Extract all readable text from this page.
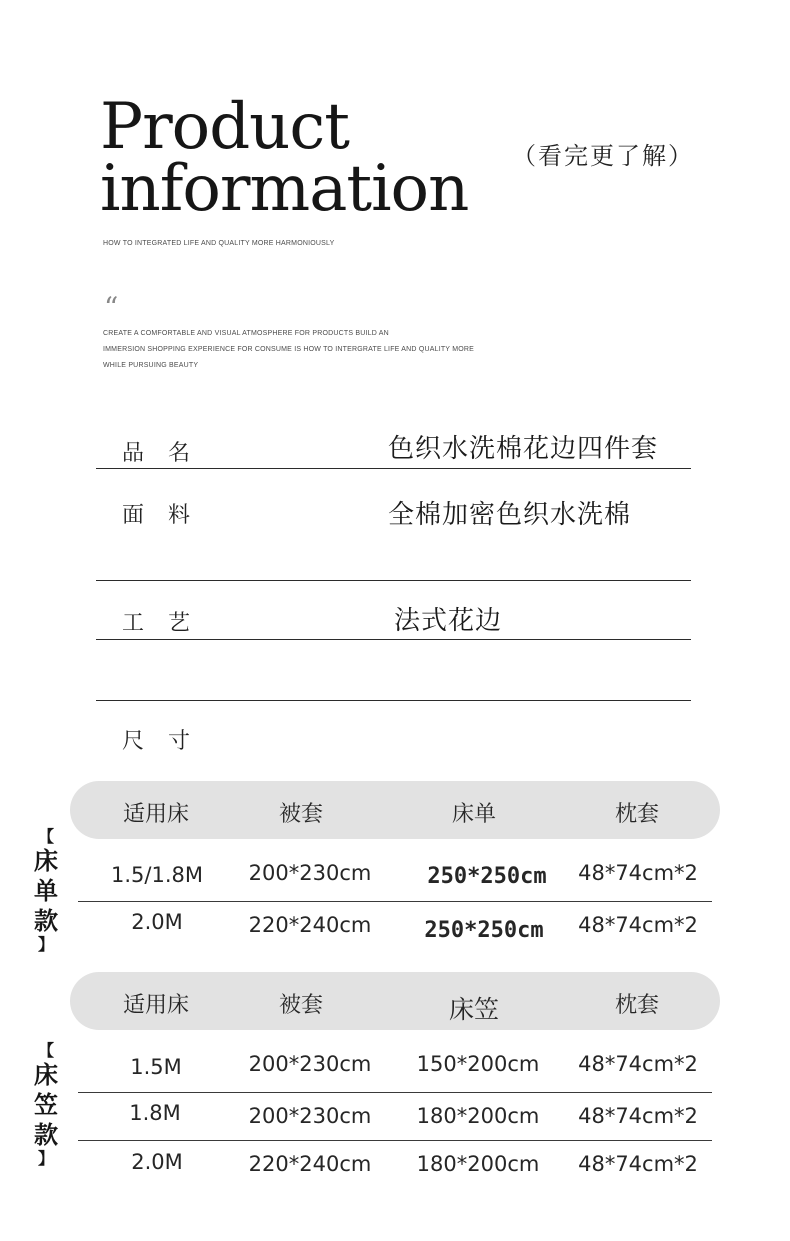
Product
information （看完更了解）
HOW TO INTEGRATED LIFE AND QUALITY MORE HARMONIOUSLY
“
CREATE A COMFORTABLE AND VISUAL ATMOSPHERE FOR PRODUCTS BUILD AN
IMMERSION SHOPPING EXPERIENCE FOR CONSUME IS HOW TO INTERGRATE LIFE AND QUALITY MORE
WHILE PURSUING BEAUTY
品名	色织水洗棉花边四件套
面料	全棉加密色织水洗棉
工艺	法式花边
尺寸
适用床	被套	床单	枕套
1.5/1.8M 200*230cm	250*250cm 48*74cm*2
2.0M	220*240cm 250*250cm 48*74cm*2
【
床
单
款
】
适用床	被套	床笠	枕套
1.5M	200*230cm 150*200cm 48*74cm*2
1.8M	200*230cm 180*200cm 48*74cm*2
2.0M	220*240cm 180*200cm 48*74cm*2
【
床
笠
款
】
